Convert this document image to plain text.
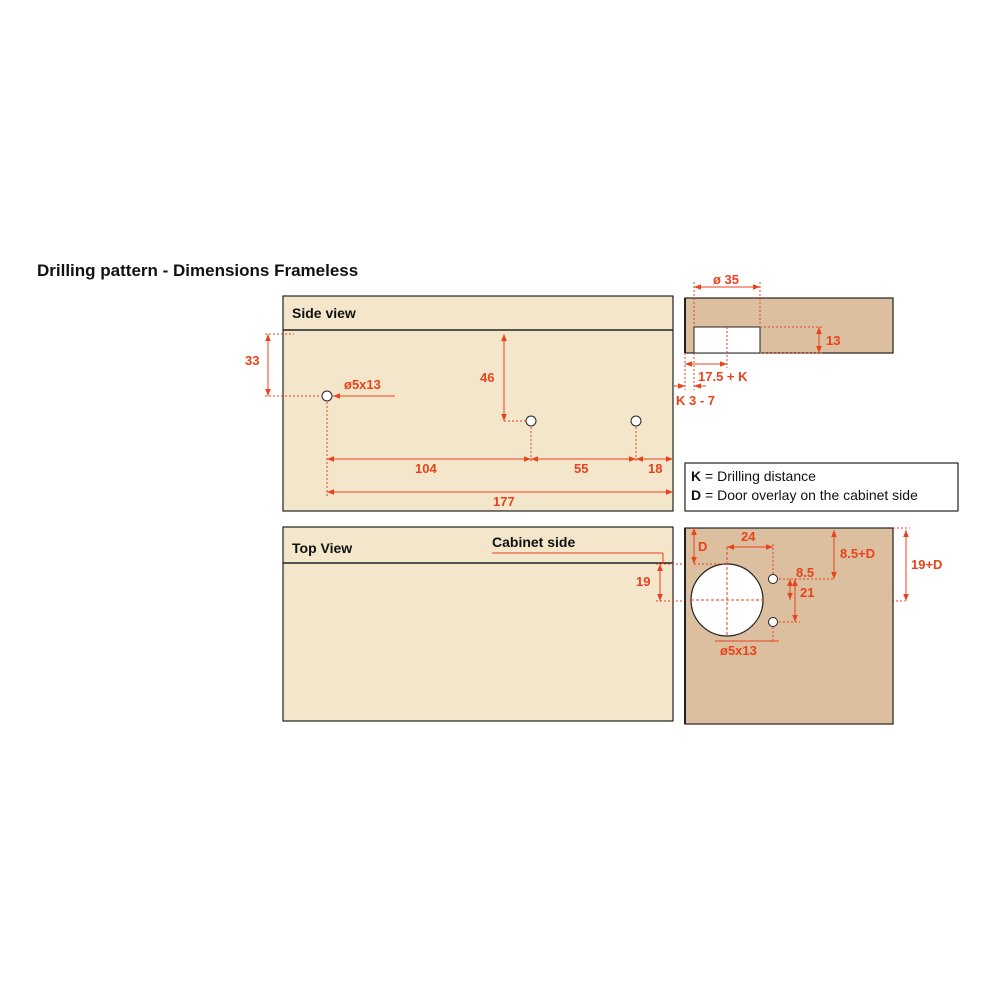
Drilling pattern - Dimensions Frameless
Side view
33
ø5x13	46
104	55	18
177
ø 35
13
17.5 + K
K 3 - 7
K = Drilling distance
D = Door overlay on the cabinet side
Top View	Cabinet side
19
D
24
8.5
8.5+D
19+D
21
ø5x13
